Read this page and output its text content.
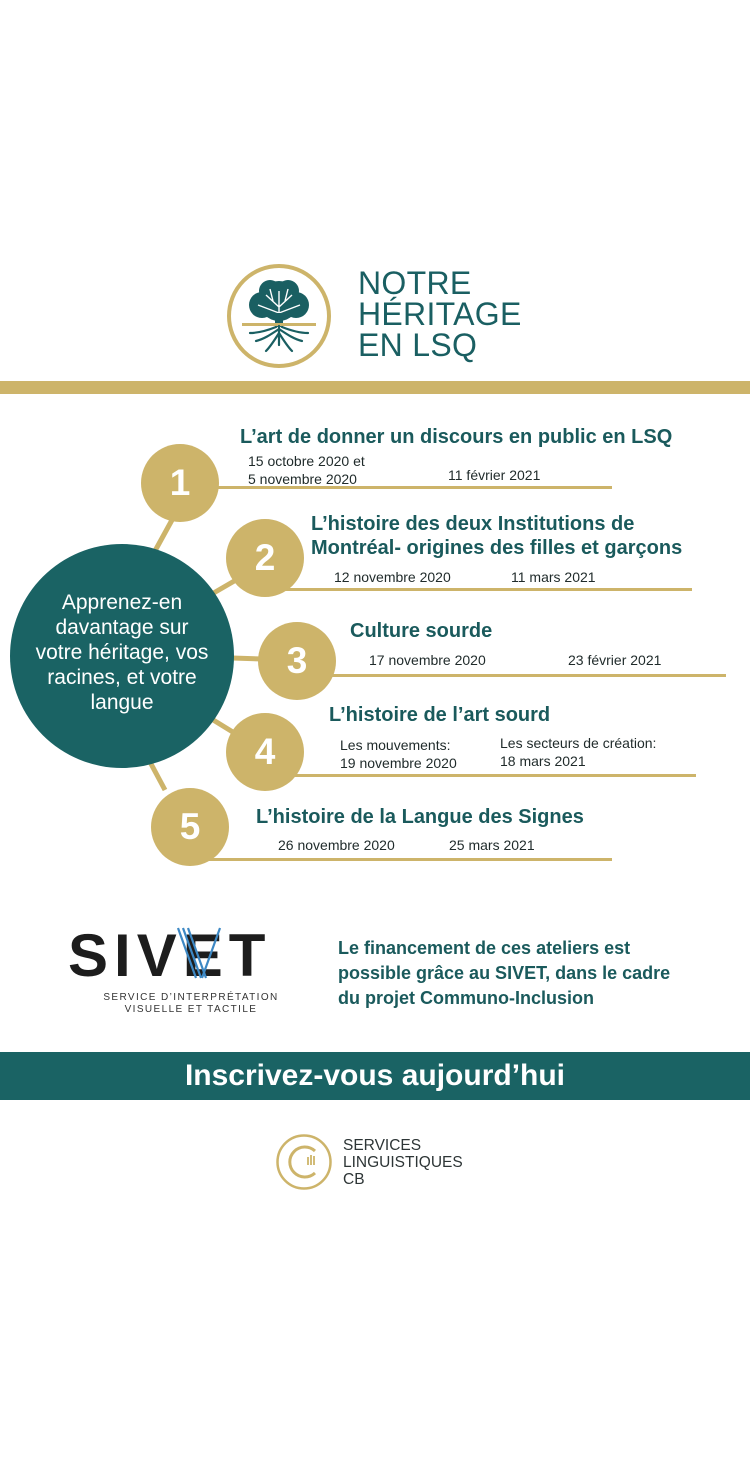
NOTRE
HÉRITAGE
EN LSQ
Apprenez-en
davantage sur
votre héritage, vos
racines, et votre
langue
1
2
3
4
5
L’art de donner un discours en public en LSQ
15 octobre 2020 et
5 novembre 2020	11 février 2021
L’histoire des deux Institutions de
Montréal- origines des filles et garçons
12 novembre 2020	11 mars 2021
Culture sourde
17 novembre 2020	23 février 2021
L’histoire de l’art sourd
Les mouvements:
19 novembre 2020
Les secteurs de création:
18 mars 2021
L’histoire de la Langue des Signes
26 novembre 2020	25 mars 2021
SIVET
SERVICE D’INTERPRÉTATION
VISUELLE ET TACTILE
Le financement de ces ateliers est
possible grâce au SIVET, dans le cadre
du projet Communo-Inclusion
Inscrivez-vous aujourd’hui
SERVICES
LINGUISTIQUES
CB
